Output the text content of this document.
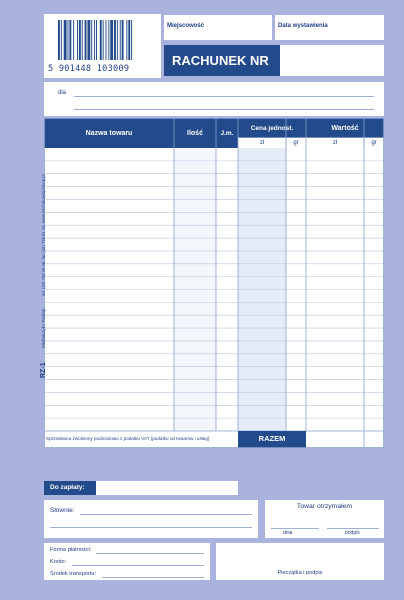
5 901448 103009
Miejscowość	Data wystawienia
RACHUNEK NR
dla
Nazwa towaru	Ilość	J.m.
Cena jednost.	Wartość
zł	gr	zł	gr
Sprzedawca zwolniony podmiotowo z podatku VAT (podatku od towarów i usług)	RAZEM
RZ-1 Michalczyk i Prokop tel. (32) 738 49 49, fax (32) 738 81 18, www.michalczykiprokop.pl
Do zapłaty:
Słownie:
Towar otrzymałem
dnia	podpis
Forma płatności:
Konto:
Środek transportu:	Pieczątka i podpis
